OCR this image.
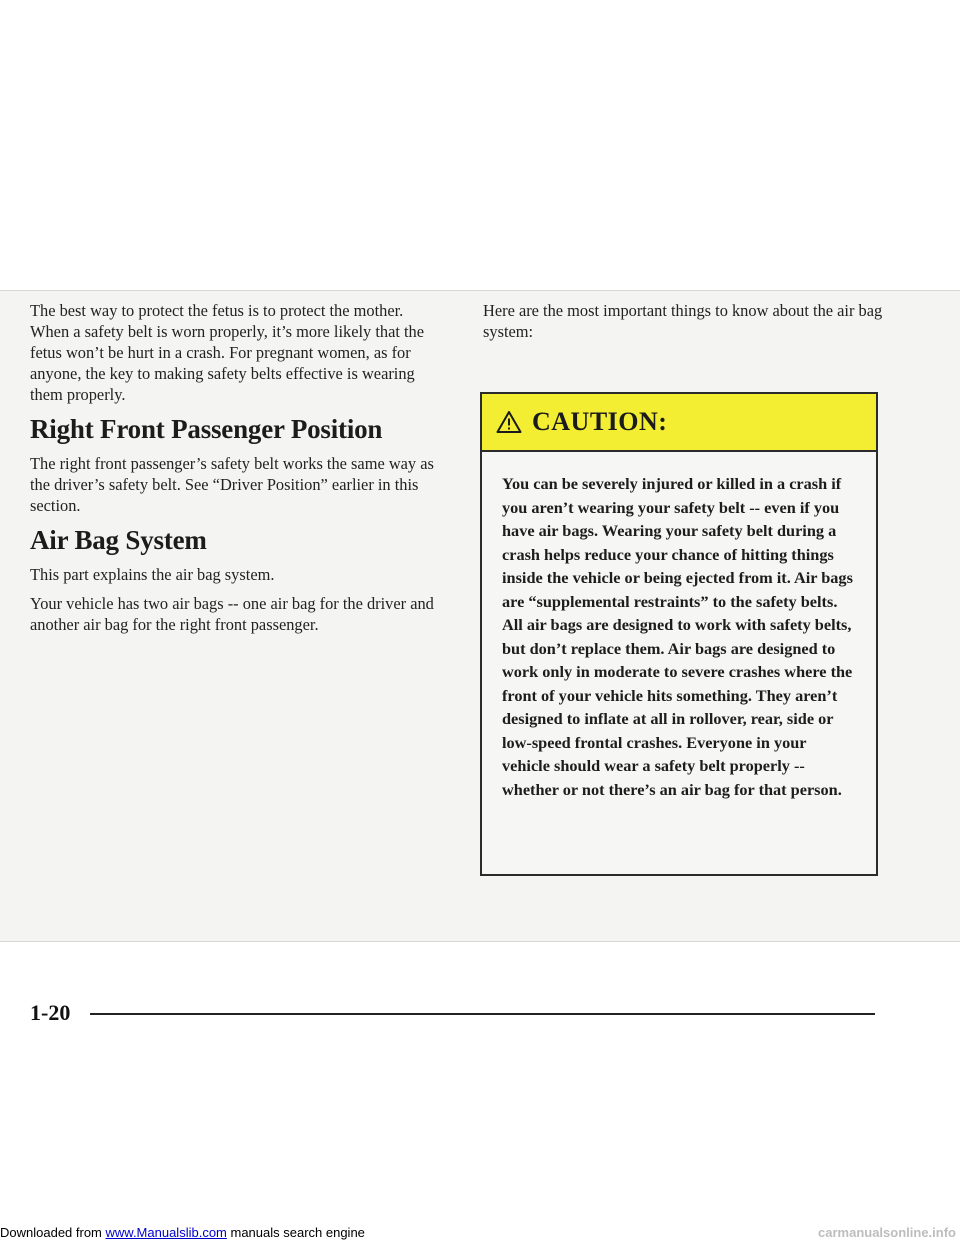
The best way to protect the fetus is to protect the mother. When a safety belt is worn properly, it’s more likely that the fetus won’t be hurt in a crash. For pregnant women, as for anyone, the key to making safety belts effective is wearing them properly.

Right Front Passenger Position

The right front passenger’s safety belt works the same way as the driver’s safety belt. See “Driver Position” earlier in this section.

Air Bag System

This part explains the air bag system.

Your vehicle has two air bags -- one air bag for the driver and another air bag for the right front passenger.

Here are the most important things to know about the air bag system:

CAUTION:

You can be severely injured or killed in a crash if you aren’t wearing your safety belt -- even if you have air bags. Wearing your safety belt during a crash helps reduce your chance of hitting things inside the vehicle or being ejected from it. Air bags are “supplemental restraints” to the safety belts. All air bags are designed to work with safety belts, but don’t replace them. Air bags are designed to work only in moderate to severe crashes where the front of your vehicle hits something. They aren’t designed to inflate at all in rollover, rear, side or low-speed frontal crashes. Everyone in your vehicle should wear a safety belt properly -- whether or not there’s an air bag for that person.

1-20
Downloaded from www.Manualslib.com manuals search engine	carmanualsonline.info
